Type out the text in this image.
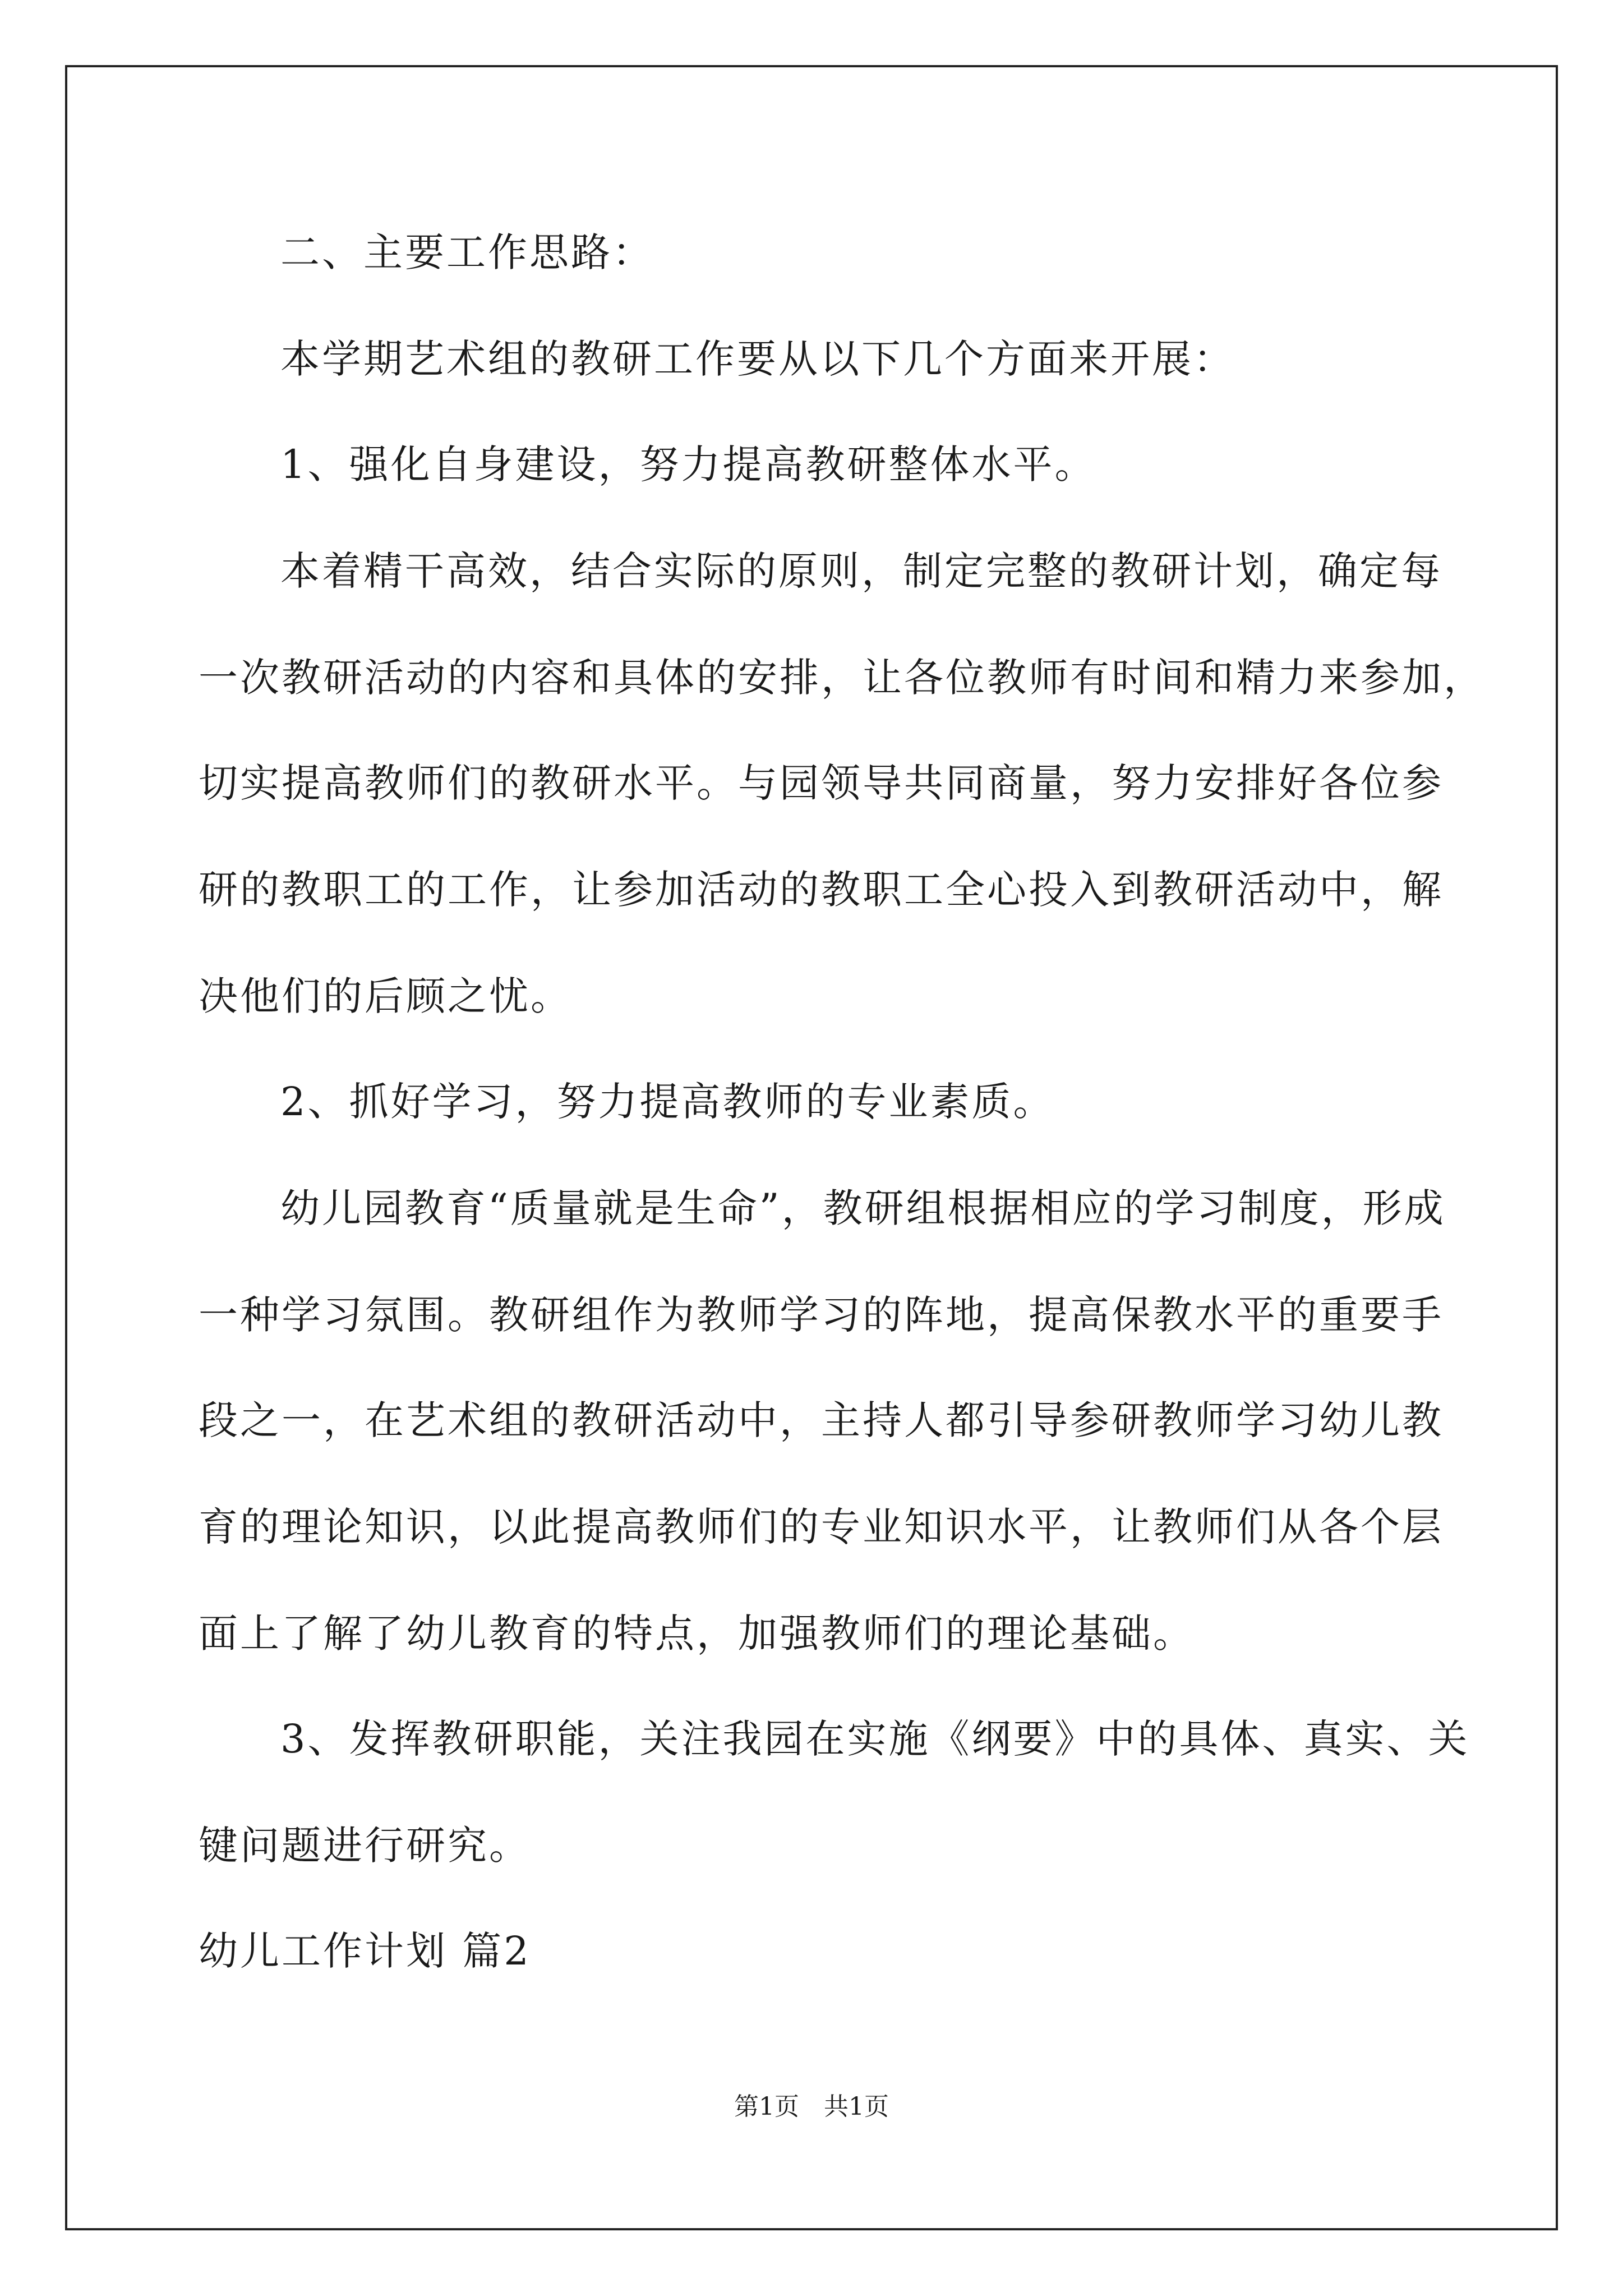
二、主要工作思路：

本学期艺术组的教研工作要从以下几个方面来开展：

1、强化自身建设，努力提高教研整体水平。

本着精干高效，结合实际的原则，制定完整的教研计划，确定每

一次教研活动的内容和具体的安排，让各位教师有时间和精力来参加，

切实提高教师们的教研水平。与园领导共同商量，努力安排好各位参

研的教职工的工作，让参加活动的教职工全心投入到教研活动中，解

决他们的后顾之忧。

2、抓好学习，努力提高教师的专业素质。

幼儿园教育“质量就是生命”，教研组根据相应的学习制度，形成

一种学习氛围。教研组作为教师学习的阵地，提高保教水平的重要手

段之一，在艺术组的教研活动中，主持人都引导参研教师学习幼儿教

育的理论知识，以此提高教师们的专业知识水平，让教师们从各个层

面上了解了幼儿教育的特点，加强教师们的理论基础。

3、发挥教研职能，关注我园在实施《纲要》中的具体、真实、关

键问题进行研究。

幼儿工作计划 篇2

第1页　共1页
